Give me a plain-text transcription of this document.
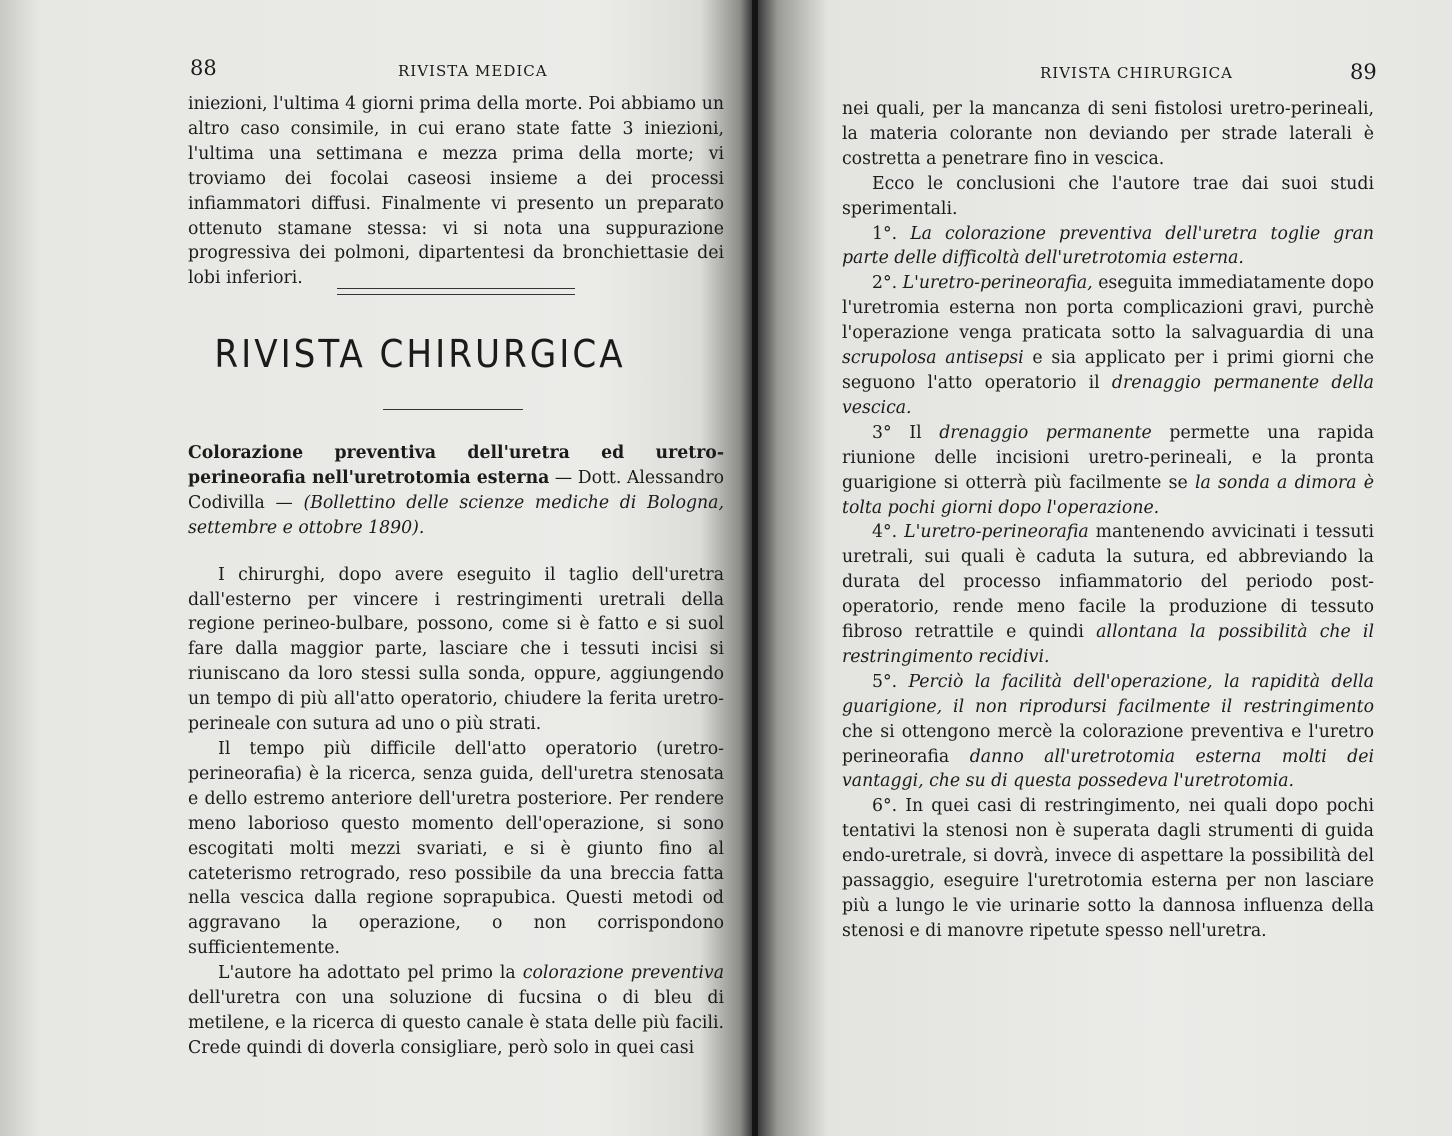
88	RIVISTA MEDICA

iniezioni, l'ultima 4 giorni prima della morte. Poi abbiamo un altro caso consimile, in cui erano state fatte 3 iniezioni, l'ultima una settimana e mezza prima della morte; vi troviamo dei focolai caseosi insieme a dei processi infiammatori diffusi. Finalmente vi presento un preparato ottenuto stamane stessa: vi si nota una suppurazione progressiva dei polmoni, dipartentesi da bronchiettasie dei lobi inferiori.

RIVISTA CHIRURGICA

Colorazione preventiva dell'uretra ed uretro-perineorafia nell'uretrotomia esterna — Dott. Alessandro Codivilla — (Bollettino delle scienze mediche di Bologna, settembre e ottobre 1890).

I chirurghi, dopo avere eseguito il taglio dell'uretra dall'esterno per vincere i restringimenti uretrali della regione perineo-bulbare, possono, come si è fatto e si suol fare dalla maggior parte, lasciare che i tessuti incisi si riuniscano da loro stessi sulla sonda, oppure, aggiungendo un tempo di più all'atto operatorio, chiudere la ferita uretro-perineale con sutura ad uno o più strati.

Il tempo più difficile dell'atto operatorio (uretro-perineorafia) è la ricerca, senza guida, dell'uretra stenosata e dello estremo anteriore dell'uretra posteriore. Per rendere meno laborioso questo momento dell'operazione, si sono escogitati molti mezzi svariati, e si è giunto fino al cateterismo retrogrado, reso possibile da una breccia fatta nella vescica dalla regione soprapubica. Questi metodi od aggravano la operazione, o non corrispondono sufficientemente.

L'autore ha adottato pel primo la colorazione preventiva dell'uretra con una soluzione di fucsina o di bleu di metilene, e la ricerca di questo canale è stata delle più facili. Crede quindi di doverla consigliare, però solo in quei casi

RIVISTA CHIRURGICA	89

nei quali, per la mancanza di seni fistolosi uretro-perineali, la materia colorante non deviando per strade laterali è costretta a penetrare fino in vescica.

Ecco le conclusioni che l'autore trae dai suoi studi sperimentali.

1°. La colorazione preventiva dell'uretra toglie gran parte delle difficoltà dell'uretrotomia esterna.

2°. L'uretro-perineorafia, eseguita immediatamente dopo l'uretromia esterna non porta complicazioni gravi, purchè l'operazione venga praticata sotto la salvaguardia di una scrupolosa antisepsi e sia applicato per i primi giorni che seguono l'atto operatorio il drenaggio permanente della vescica.

3° Il drenaggio permanente permette una rapida riunione delle incisioni uretro-perineali, e la pronta guarigione si otterrà più facilmente se la sonda a dimora è tolta pochi giorni dopo l'operazione.

4°. L'uretro-perineorafia mantenendo avvicinati i tessuti uretrali, sui quali è caduta la sutura, ed abbreviando la durata del processo infiammatorio del periodo post-operatorio, rende meno facile la produzione di tessuto fibroso retrattile e quindi allontana la possibilità che il restringimento recidivi.

5°. Perciò la facilità dell'operazione, la rapidità della guarigione, il non riprodursi facilmente il restringimento che si ottengono mercè la colorazione preventiva e l'uretro perineorafia danno all'uretrotomia esterna molti dei vantaggi, che su di questa possedeva l'uretrotomia.

6°. In quei casi di restringimento, nei quali dopo pochi tentativi la stenosi non è superata dagli strumenti di guida endo-uretrale, si dovrà, invece di aspettare la possibilità del passaggio, eseguire l'uretrotomia esterna per non lasciare più a lungo le vie urinarie sotto la dannosa influenza della stenosi e di manovre ripetute spesso nell'uretra.
